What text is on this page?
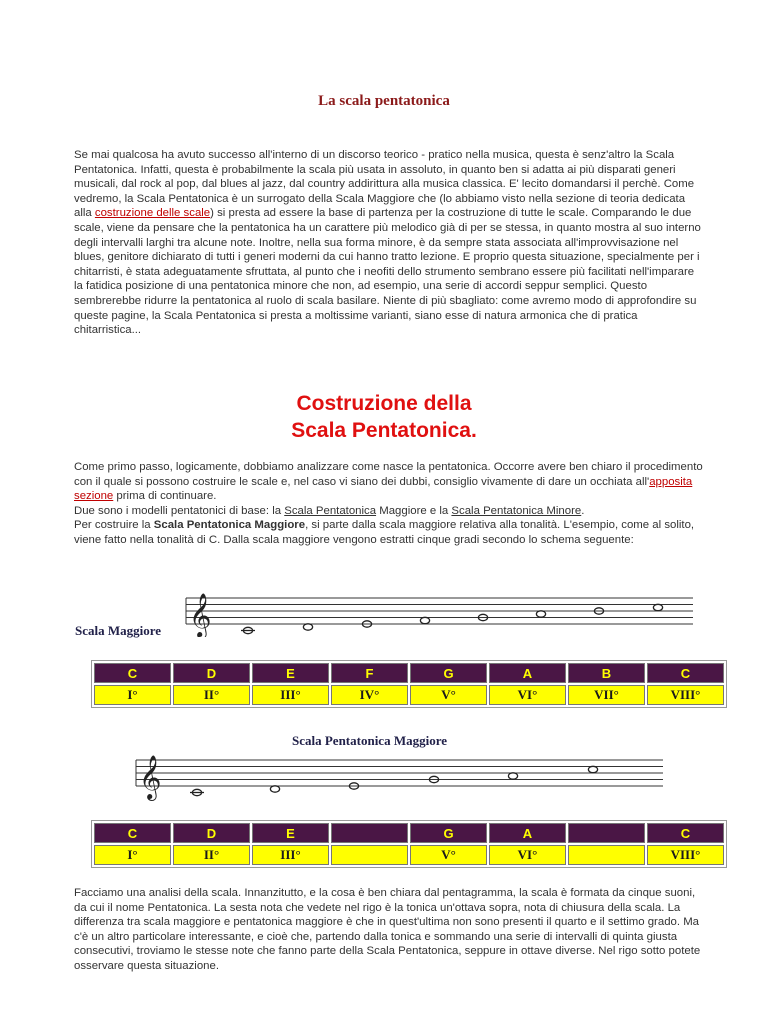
La scala pentatonica
Se mai qualcosa ha avuto successo all'interno di un discorso teorico - pratico nella musica, questa è senz'altro la Scala Pentatonica. Infatti, questa è probabilmente la scala più usata in assoluto, in quanto ben si adatta ai più disparati generi musicali, dal rock al pop, dal blues al jazz, dal country addirittura alla musica classica. E' lecito domandarsi il perchè. Come vedremo, la Scala Pentatonica è un surrogato della Scala Maggiore che (lo abbiamo visto nella sezione di teoria dedicata alla costruzione delle scale) si presta ad essere la base di partenza per la costruzione di tutte le scale. Comparando le due scale, viene da pensare che la pentatonica ha un carattere più melodico già di per se stessa, in quanto mostra al suo interno degli intervalli larghi tra alcune note. Inoltre, nella sua forma minore, è da sempre stata associata all'improvvisazione nel blues, genitore dichiarato di tutti i generi moderni da cui hanno tratto lezione. E proprio questa situazione, specialmente per i chitarristi, è stata adeguatamente sfruttata, al punto che i neofiti dello strumento sembrano essere più facilitati nell'imparare la fatidica posizione di una pentatonica minore che non, ad esempio, una serie di accordi seppur semplici. Questo sembrerebbe ridurre la pentatonica al ruolo di scala basilare. Niente di più sbagliato: come avremo modo di approfondire su queste pagine, la Scala Pentatonica si presta a moltissime varianti, siano esse di natura armonica che di pratica chitarristica...
Costruzione della
Scala Pentatonica.
Come primo passo, logicamente, dobbiamo analizzare come nasce la pentatonica. Occorre avere ben chiaro il procedimento con il quale si possono costruire le scale e, nel caso vi siano dei dubbi, consiglio vivamente di dare un occhiata all'apposita sezione prima di continuare.
Due sono i modelli pentatonici di base: la Scala Pentatonica Maggiore e la Scala Pentatonica Minore.
Per costruire la Scala Pentatonica Maggiore, si parte dalla scala maggiore relativa alla tonalità. L'esempio, come al solito, viene fatto nella tonalità di C. Dalla scala maggiore vengono estratti cinque gradi secondo lo schema seguente:
Scala Maggiore 𝄞
C	D	E	F	G	A	B	C
I°	II°	III°	IV°	V°	VI°	VII°	VIII°
Scala Pentatonica Maggiore
𝄞
C	D	E		G	A		C
I°	II°	III°		V°	VI°		VIII°
Facciamo una analisi della scala. Innanzitutto, e la cosa è ben chiara dal pentagramma, la scala è formata da cinque suoni, da cui il nome Pentatonica. La sesta nota che vedete nel rigo è la tonica un'ottava sopra, nota di chiusura della scala. La differenza tra scala maggiore e pentatonica maggiore è che in quest'ultima non sono presenti il quarto e il settimo grado. Ma c'è un altro particolare interessante, e cioè che, partendo dalla tonica e sommando una serie di intervalli di quinta giusta consecutivi, troviamo le stesse note che fanno parte della Scala Pentatonica, seppure in ottave diverse. Nel rigo sotto potete osservare questa situazione.
